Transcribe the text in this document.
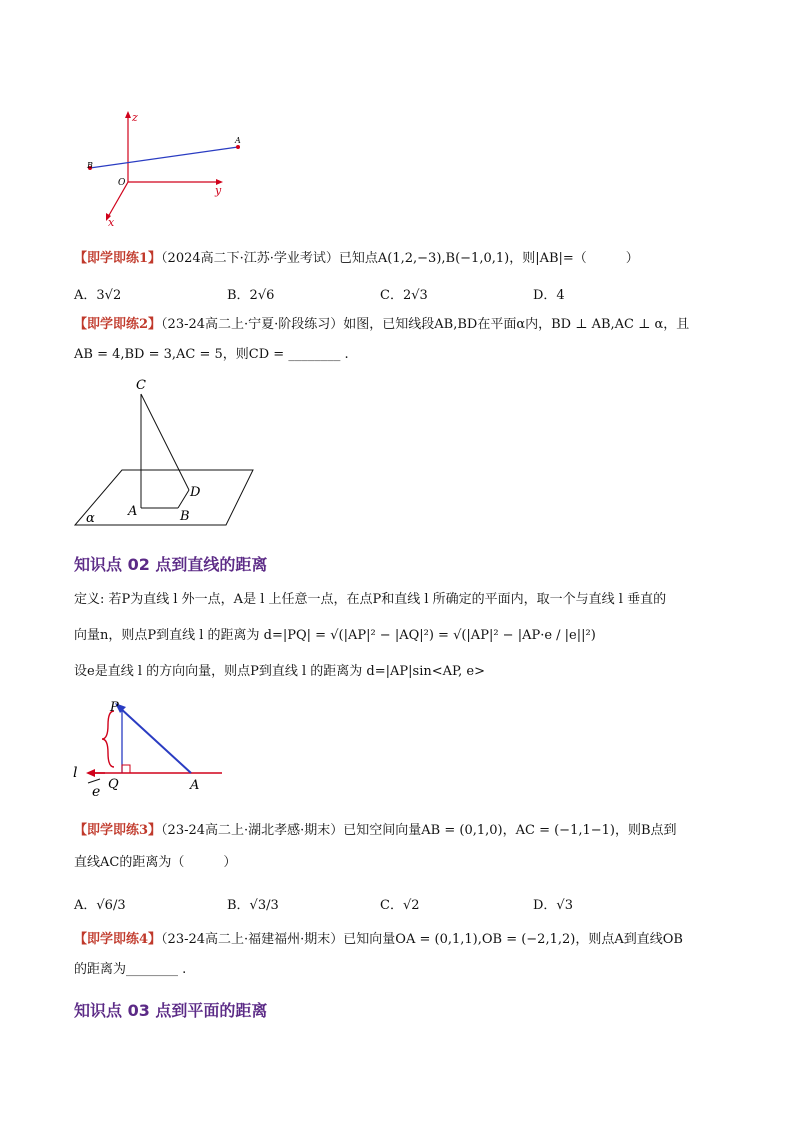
z
y
x
O
A
B
【即学即练1】（2024高二下·江苏·学业考试）已知点A(1,2,−3),B(−1,0,1)，则|AB|=（　　　）
A．3√2	B．2√6	C．2√3	D．4
【即学即练2】（23-24高二上·宁夏·阶段练习）如图，已知线段AB,BD在平面α内，BD ⊥ AB,AC ⊥ α，且
AB = 4,BD = 3,AC = 5，则CD = ________ .
C
D
A	B
α
知识点 02 点到直线的距离
定义: 若P为直线 l 外一点，A是 l 上任意一点，在点P和直线 l 所确定的平面内，取一个与直线 l 垂直的
向量n，则点P到直线 l 的距离为 d=|PQ| = √(|AP|² − |AQ|²) = √(|AP|² − |AP·e / |e||²)
设e是直线 l 的方向向量，则点P到直线 l 的距离为 d=|AP|sin<AP, e>
P
Q	A
l
e
【即学即练3】（23-24高二上·湖北孝感·期末）已知空间向量AB = (0,1,0)，AC = (−1,1−1)，则B点到
直线AC的距离为（　　　）
A．√6/3	B．√3/3	C．√2	D．√3
【即学即练4】（23-24高二上·福建福州·期末）已知向量OA = (0,1,1),OB = (−2,1,2)，则点A到直线OB
的距离为________ .
知识点 03 点到平面的距离
